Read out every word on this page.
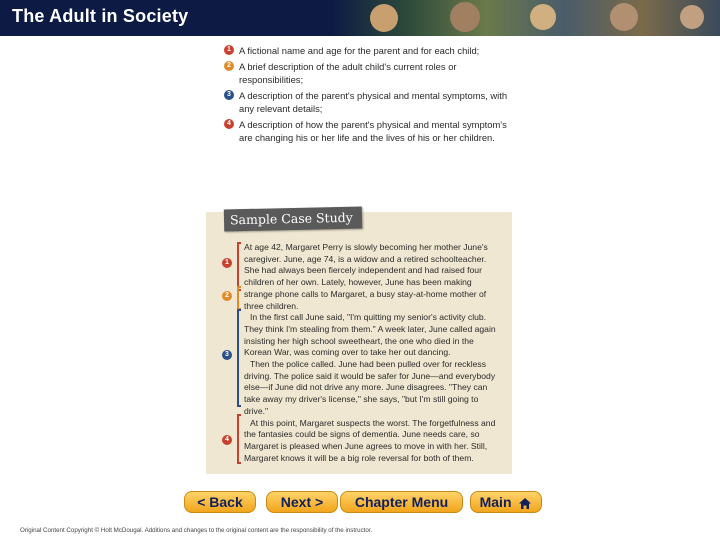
The Adult in Society
1 A fictional name and age for the parent and for each child;
2 A brief description of the adult child's current roles or responsibilities;
3 A description of the parent's physical and mental symptoms, with any relevant details;
4 A description of how the parent's physical and mental symptom's are changing his or her life and the lives of his or her children.
Sample Case Study
1
2
3
4
At age 42, Margaret Perry is slowly becoming her mother June's caregiver. June, age 74, is a widow and a retired schoolteacher. She had always been fiercely independent and had raised four children of her own. Lately, however, June has been making strange phone calls to Margaret, a busy stay-at-home mother of three children.
In the first call June said, "I'm quitting my senior's activity club. They think I'm stealing from them." A week later, June called again insisting her high school sweetheart, the one who died in the Korean War, was coming over to take her out dancing.
Then the police called. June had been pulled over for reckless driving. The police said it would be safer for June—and everybody else—if June did not drive any more. June disagrees. "They can take away my driver's license," she says, "but I'm still going to drive."
At this point, Margaret suspects the worst. The forgetfulness and the fantasies could be signs of dementia. June needs care, so Margaret is pleased when June agrees to move in with her. Still, Margaret knows it will be a big role reversal for both of them.
< Back	Next >	Chapter Menu	Main
Original Content Copyright © Holt McDougal. Additions and changes to the original content are the responsibility of the instructor.
